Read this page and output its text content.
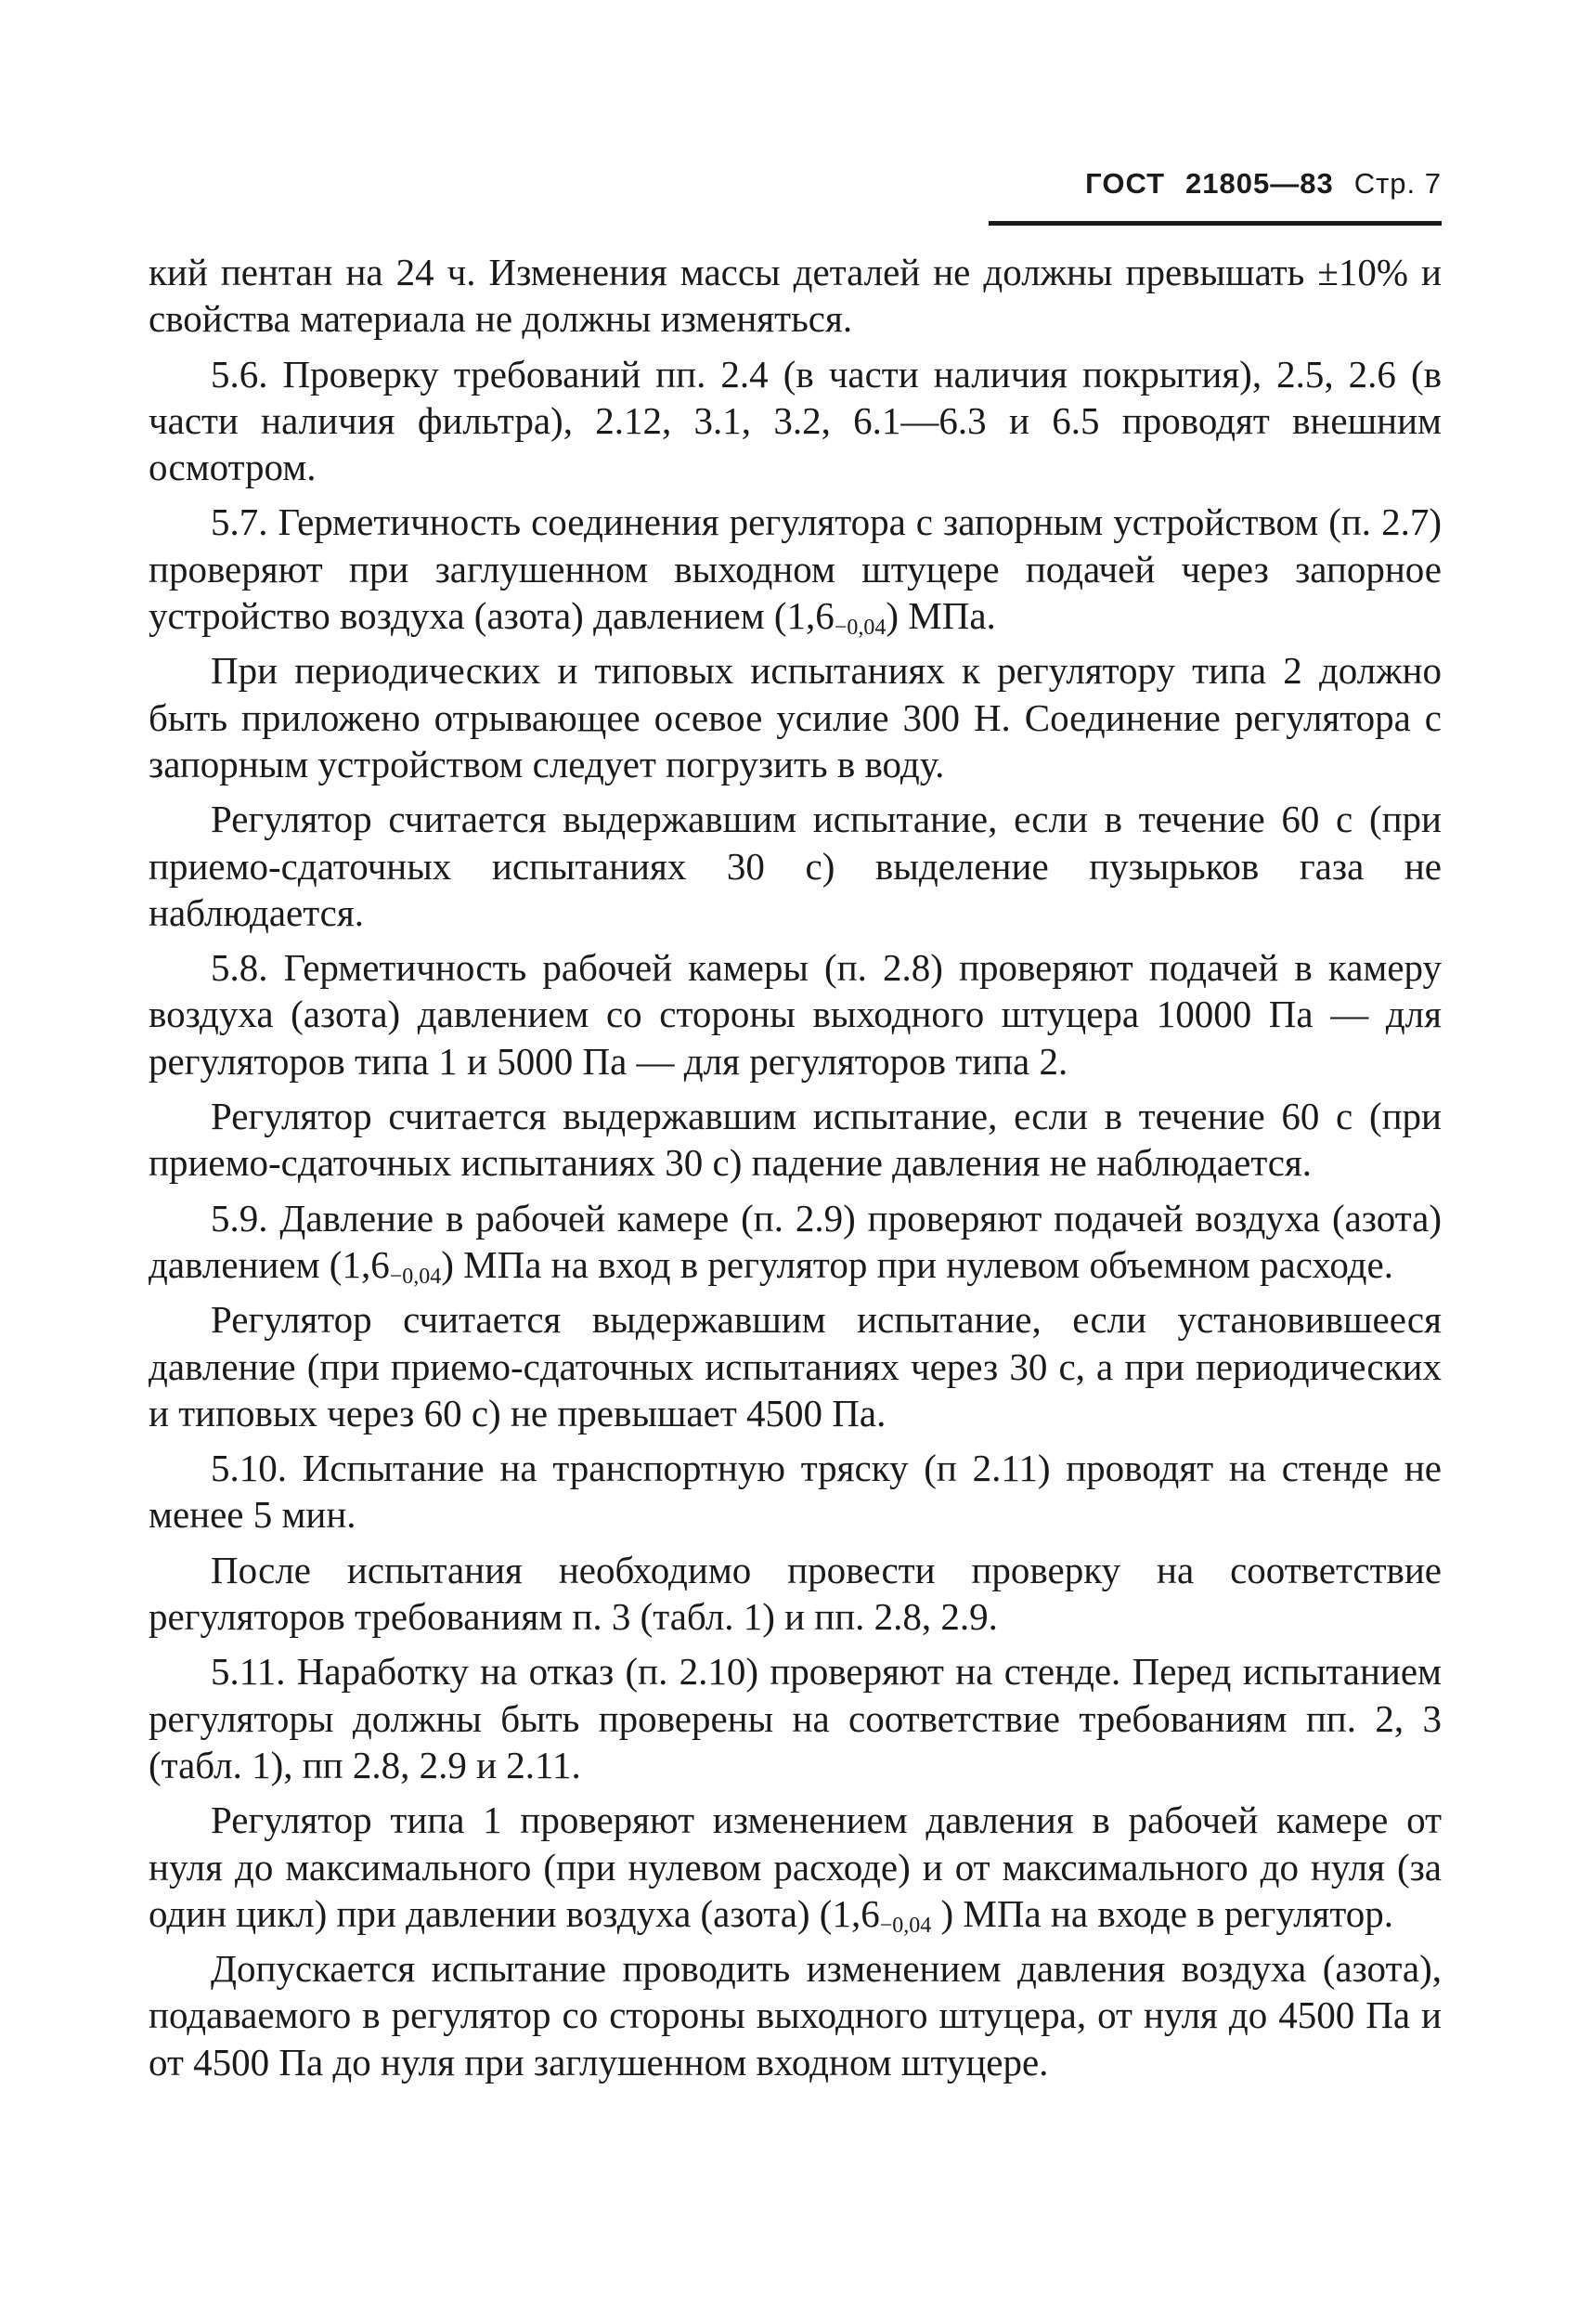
ГОСТ 21805—83 Стр. 7

кий пентан на 24 ч. Изменения массы деталей не должны превышать ±10% и свойства материала не должны изменяться.

5.6. Проверку требований пп. 2.4 (в части наличия покрытия), 2.5, 2.6 (в части наличия фильтра), 2.12, 3.1, 3.2, 6.1—6.3 и 6.5 проводят внешним осмотром.

5.7. Герметичность соединения регулятора с запорным устройством (п. 2.7) проверяют при заглушенном выходном штуцере подачей через запорное устройство воздуха (азота) давлением $(1,6_{-0,04})$ МПа.

При периодических и типовых испытаниях к регулятору типа 2 должно быть приложено отрывающее осевое усилие 300 Н. Соединение регулятора с запорным устройством следует погрузить в воду.

Регулятор считается выдержавшим испытание, если в течение 60 с (при приемо-сдаточных испытаниях 30 с) выделение пузырьков газа не наблюдается.

5.8. Герметичность рабочей камеры (п. 2.8) проверяют подачей в камеру воздуха (азота) давлением со стороны выходного штуцера 10000 Па — для регуляторов типа 1 и 5000 Па — для регуляторов типа 2.

Регулятор считается выдержавшим испытание, если в течение 60 с (при приемо-сдаточных испытаниях 30 с) падение давления не наблюдается.

5.9. Давление в рабочей камере (п. 2.9) проверяют подачей воздуха (азота) давлением $(1,6_{-0,04})$ МПа на вход в регулятор при нулевом объемном расходе.

Регулятор считается выдержавшим испытание, если установившееся давление (при приемо-сдаточных испытаниях через 30 с, а при периодических и типовых через 60 с) не превышает 4500 Па.

5.10. Испытание на транспортную тряску (п 2.11) проводят на стенде не менее 5 мин.

После испытания необходимо провести проверку на соответствие регуляторов требованиям п. 3 (табл. 1) и пп. 2.8, 2.9.

5.11. Наработку на отказ (п. 2.10) проверяют на стенде. Перед испытанием регуляторы должны быть проверены на соответствие требованиям пп. 2, 3 (табл. 1), пп 2.8, 2.9 и 2.11.

Регулятор типа 1 проверяют изменением давления в рабочей камере от нуля до максимального (при нулевом расходе) и от максимального до нуля (за один цикл) при давлении воздуха (азота) ($1,6_{-0,04}$ ) МПа на входе в регулятор.

Допускается испытание проводить изменением давления воздуха (азота), подаваемого в регулятор со стороны выходного штуцера, от нуля до 4500 Па и от 4500 Па до нуля при заглушенном входном штуцере.
